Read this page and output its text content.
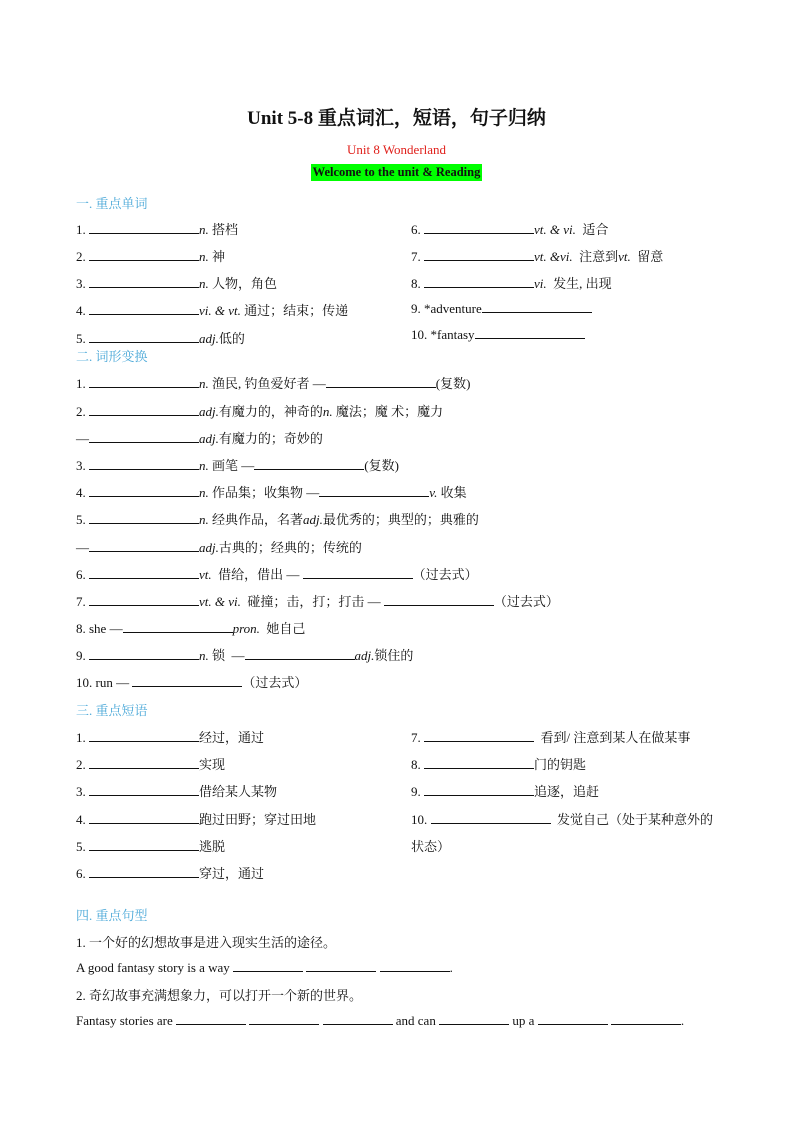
Unit 5-8 重点词汇，短语，句子归纳
Unit 8 Wonderland
Welcome to the unit & Reading
一. 重点单词
1.	n. 搭档
2.	n. 神
3.	n. 人物，角色
4.	vi. & vt. 通过；结束；传递
5.	adj.低的
6.	vt. & vi. 适合
7.	vt. &vi. 注意到vt. 留意
8.	vi. 发生, 出现
9. *adventure
10. *fantasy
二. 词形变换
1.	n. 渔民, 钓鱼爱好者 —	(复数)
2.	adj.有魔力的，神奇的n. 魔法；魔 术；魔力
—	adj.有魔力的；奇妙的
3.	n. 画笔 —	(复数)
4.	n. 作品集；收集物 —	v. 收集
5.	n. 经典作品，名著adj.最优秀的；典型的；典雅的
—	adj.古典的；经典的；传统的
6.	vt. 借给，借出 —	（过去式）
7.	vt. & vi. 碰撞；击，打；打击 —	（过去式）
8. she —	pron. 她自己
9.	n. 锁 —	adj.锁住的
10. run —	（过去式）
三. 重点短语
1.	经过，通过
2.	实现
3.	借给某人某物
4.	跑过田野；穿过田地
5.	逃脱
6.	穿过，通过
7.	看到/ 注意到某人在做某事
8.	门的钥匙
9.	追逐，追赶
10.	发觉自己（处于某种意外的
状态）
四. 重点句型
1. 一个好的幻想故事是进入现实生活的途径。
A good fantasy story is a way	.
2. 奇幻故事充满想象力，可以打开一个新的世界。
Fantasy stories are	and can	up a	.
